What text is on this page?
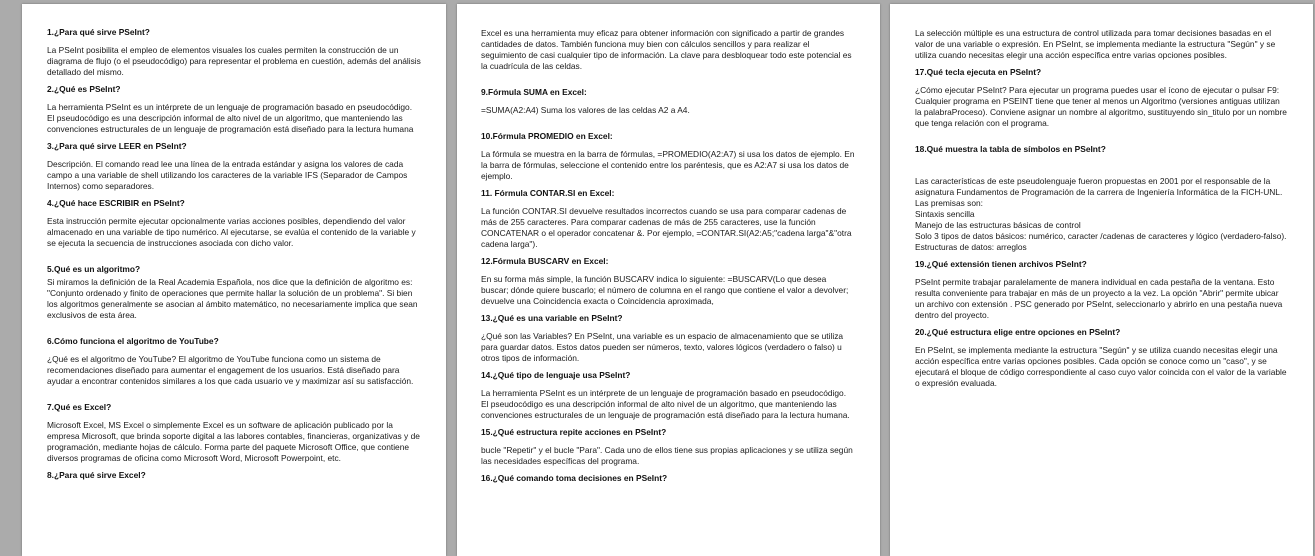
1.¿Para qué sirve PSeInt?
La PSeInt posibilita el empleo de elementos visuales los cuales permiten la construcción de un diagrama de flujo (o el pseudocódigo) para representar el problema en cuestión, además del análisis detallado del mismo.
2.¿Qué es PSeInt?
La herramienta PSeInt es un intérprete de un lenguaje de programación basado en pseudocódigo. El pseudocódigo es una descripción informal de alto nivel de un algoritmo, que manteniendo las convenciones estructurales de un lenguaje de programación está diseñado para la lectura humana
3.¿Para qué sirve LEER en PSeInt?
Descripción. El comando read lee una línea de la entrada estándar y asigna los valores de cada campo a una variable de shell utilizando los caracteres de la variable IFS (Separador de Campos Internos) como separadores.
4.¿Qué hace ESCRIBIR en PSeInt?
Esta instrucción permite ejecutar opcionalmente varias acciones posibles, dependiendo del valor almacenado en una variable de tipo numérico. Al ejecutarse, se evalúa el contenido de la variable y se ejecuta la secuencia de instrucciones asociada con dicho valor.
5.Qué es un algoritmo?
Si miramos la definición de la Real Academia Española, nos dice que la definición de algoritmo es: "Conjunto ordenado y finito de operaciones que permite hallar la solución de un problema". Si bien los algoritmos generalmente se asocian al ámbito matemático, no necesariamente implica que sean exclusivos de esta área.
6.Cómo funciona el algoritmo de YouTube?
¿Qué es el algoritmo de YouTube? El algoritmo de YouTube funciona como un sistema de recomendaciones diseñado para aumentar el engagement de los usuarios. Está diseñado para ayudar a encontrar contenidos similares a los que cada usuario ve y maximizar así su satisfacción.
7.Qué es Excel?
Microsoft Excel, MS Excel o simplemente Excel es un software de aplicación publicado por la empresa Microsoft, que brinda soporte digital a las labores contables, financieras, organizativas y de programación, mediante hojas de cálculo. Forma parte del paquete Microsoft Office, que contiene diversos programas de oficina como Microsoft Word, Microsoft Powerpoint, etc.
8.¿Para qué sirve Excel?
Excel es una herramienta muy eficaz para obtener información con significado a partir de grandes cantidades de datos. También funciona muy bien con cálculos sencillos y para realizar el seguimiento de casi cualquier tipo de información. La clave para desbloquear todo este potencial es la cuadrícula de las celdas.
9.Fórmula SUMA en Excel:
=SUMA(A2:A4) Suma los valores de las celdas A2 a A4.
10.Fórmula PROMEDIO en Excel:
La fórmula se muestra en la barra de fórmulas, =PROMEDIO(A2:A7) si usa los datos de ejemplo. En la barra de fórmulas, seleccione el contenido entre los paréntesis, que es A2:A7 si usa los datos de ejemplo.
11. Fórmula CONTAR.SI en Excel:
La función CONTAR.SI devuelve resultados incorrectos cuando se usa para comparar cadenas de más de 255 caracteres. Para comparar cadenas de más de 255 caracteres, use la función CONCATENAR o el operador concatenar &. Por ejemplo, =CONTAR.SI(A2:A5;"cadena larga"&"otra cadena larga").
12.Fórmula BUSCARV en Excel:
En su forma más simple, la función BUSCARV indica lo siguiente: =BUSCARV(Lo que desea buscar; dónde quiere buscarlo; el número de columna en el rango que contiene el valor a devolver; devuelve una Coincidencia exacta o Coincidencia aproximada,
13.¿Qué es una variable en PSeInt?
¿Qué son las Variables? En PSeInt, una variable es un espacio de almacenamiento que se utiliza para guardar datos. Estos datos pueden ser números, texto, valores lógicos (verdadero o falso) u otros tipos de información.
14.¿Qué tipo de lenguaje usa PSeInt?
La herramienta PSeInt es un intérprete de un lenguaje de programación basado en pseudocódigo. El pseudocódigo es una descripción informal de alto nivel de un algoritmo, que manteniendo las convenciones estructurales de un lenguaje de programación está diseñado para la lectura humana.
15.¿Qué estructura repite acciones en PSeInt?
bucle "Repetir" y el bucle "Para". Cada uno de ellos tiene sus propias aplicaciones y se utiliza según las necesidades específicas del programa.
16.¿Qué comando toma decisiones en PSeInt?
La selección múltiple es una estructura de control utilizada para tomar decisiones basadas en el valor de una variable o expresión. En PSeInt, se implementa mediante la estructura "Según" y se utiliza cuando necesitas elegir una acción específica entre varias opciones posibles.
17.Qué tecla ejecuta en PSeInt?
¿Cómo ejecutar PSeInt? Para ejecutar un programa puedes usar el ícono de ejecutar o pulsar F9: Cualquier programa en PSEINT tiene que tener al menos un Algoritmo (versiones antiguas utilizan la palabraProceso). Conviene asignar un nombre al algoritmo, sustituyendo sin_titulo por un nombre que tenga relación con el programa.
18.Qué muestra la tabla de símbolos en PSeInt?
Las características de este pseudolenguaje fueron propuestas en 2001 por el responsable de la asignatura Fundamentos de Programación de la carrera de Ingeniería Informática de la FICH-UNL. Las premisas son:
Sintaxis sencilla
Manejo de las estructuras básicas de control
Solo 3 tipos de datos básicos: numérico, caracter /cadenas de caracteres y lógico (verdadero-falso).
Estructuras de datos: arreglos
19.¿Qué extensión tienen archivos PSeInt?
PSeInt permite trabajar paralelamente de manera individual en cada pestaña de la ventana. Esto resulta conveniente para trabajar en más de un proyecto a la vez. La opción "Abrir" permite ubicar un archivo con extensión . PSC generado por PSeInt, seleccionarlo y abrirlo en una pestaña nueva dentro del proyecto.
20.¿Qué estructura elige entre opciones en PSeInt?
En PSeInt, se implementa mediante la estructura "Según" y se utiliza cuando necesitas elegir una acción específica entre varias opciones posibles. Cada opción se conoce como un "caso", y se ejecutará el bloque de código correspondiente al caso cuyo valor coincida con el valor de la variable o expresión evaluada.
